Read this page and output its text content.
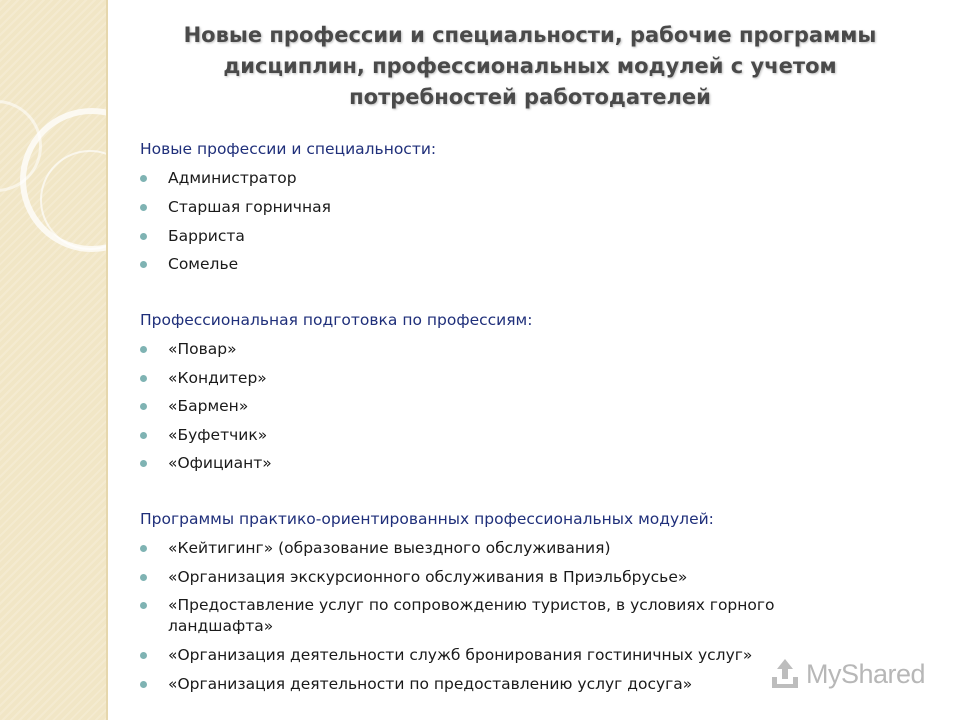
Новые профессии и специальности, рабочие программы дисциплин, профессиональных модулей с учетом потребностей работодателей
Новые профессии и специальности:
Администратор
Старшая горничная
Бaрриста
Сомелье
Профессиональная подготовка по профессиям:
«Повар»
«Кондитер»
«Бармен»
«Буфетчик»
«Официант»
Программы практико-ориентированных профессиональных модулей:
«Кейтигинг» (образование выездного обслуживания)
«Организация экскурсионного обслуживания в Приэльбрусье»
«Предоставление услуг по сопровождению туристов, в условиях горного ландшафта»
«Организация деятельности служб бронирования гостиничных услуг»
«Организация деятельности по предоставлению услуг досуга»	MyShared
